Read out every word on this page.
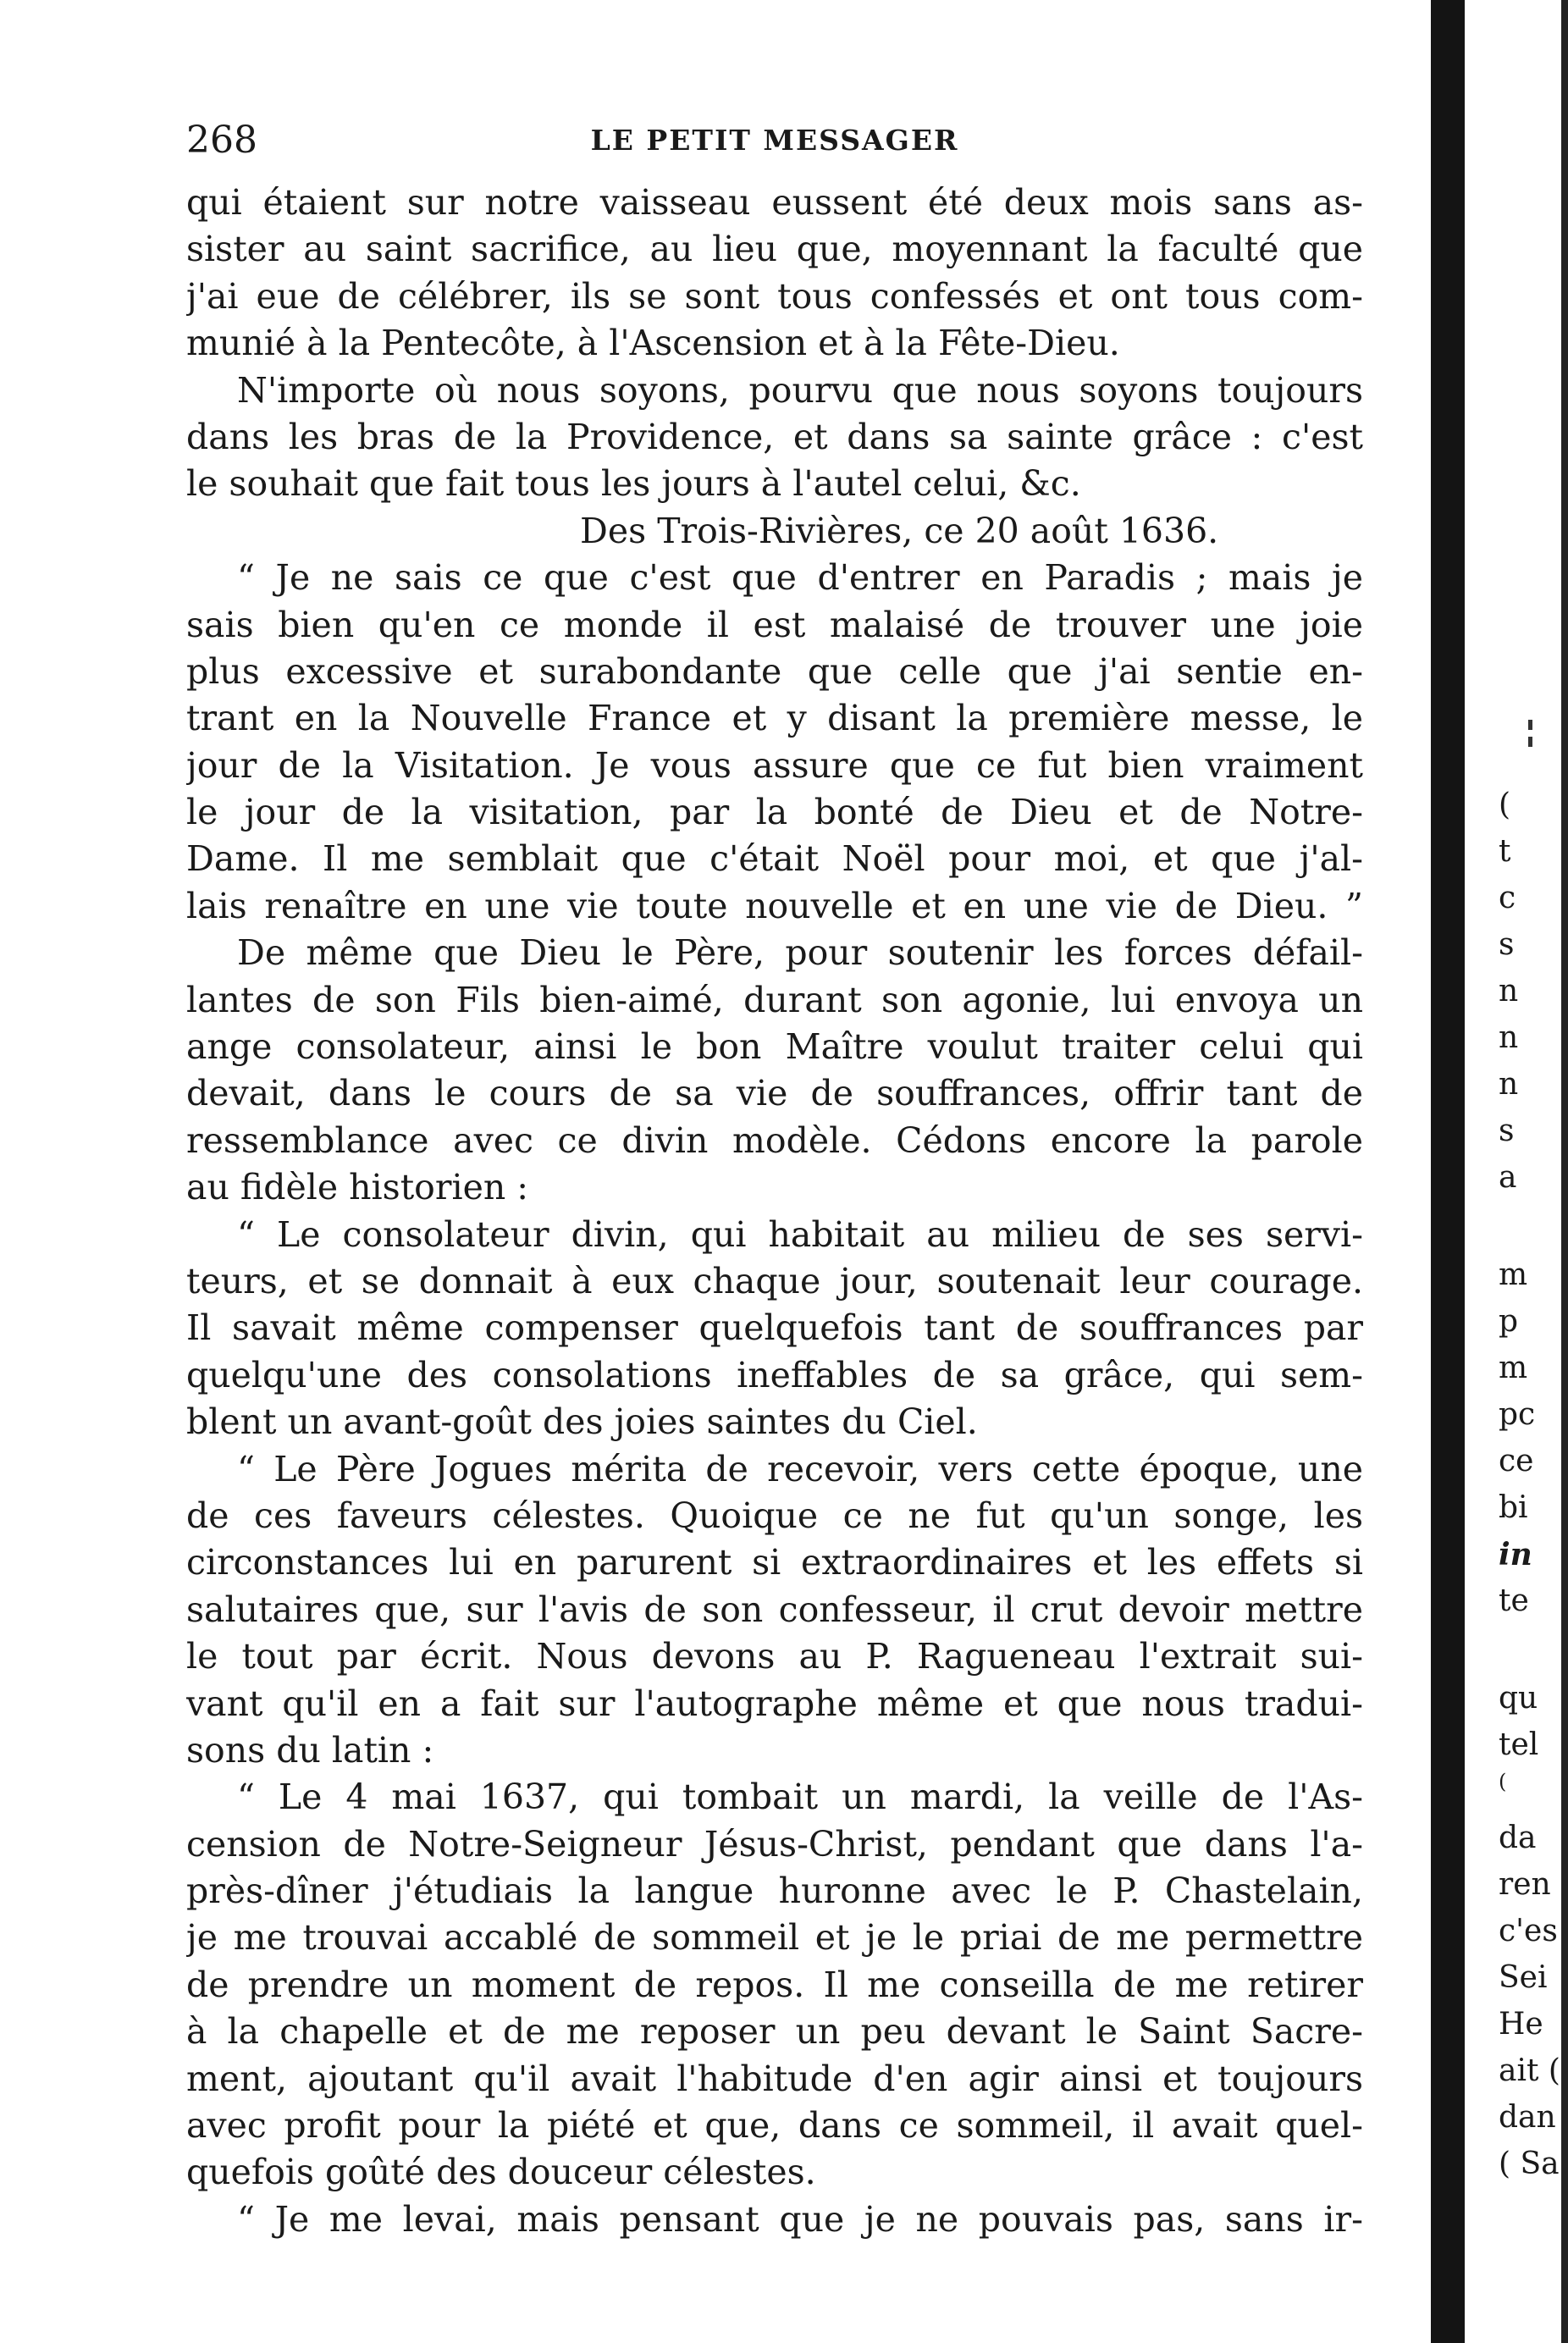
268	LE PETIT MESSAGER
qui étaient sur notre vaisseau eussent été deux mois sans as-
sister au saint sacrifice, au lieu que, moyennant la faculté que
j'ai eue de célébrer, ils se sont tous confessés et ont tous com-
munié à la Pentecôte, à l'Ascension et à la Fête-Dieu.
N'importe où nous soyons, pourvu que nous soyons toujours
dans les bras de la Providence, et dans sa sainte grâce : c'est
le souhait que fait tous les jours à l'autel celui, &c.
Des Trois-Rivières, ce 20 août 1636.
“ Je ne sais ce que c'est que d'entrer en Paradis ; mais je
sais bien qu'en ce monde il est malaisé de trouver une joie
plus excessive et surabondante que celle que j'ai sentie en-
trant en la Nouvelle France et y disant la première messe, le
jour de la Visitation. Je vous assure que ce fut bien vraiment
le jour de la visitation, par la bonté de Dieu et de Notre-
Dame. Il me semblait que c'était Noël pour moi, et que j'al-
lais renaître en une vie toute nouvelle et en une vie de Dieu. ”
De même que Dieu le Père, pour soutenir les forces défail-
lantes de son Fils bien-aimé, durant son agonie, lui envoya un
ange consolateur, ainsi le bon Maître voulut traiter celui qui
devait, dans le cours de sa vie de souffrances, offrir tant de
ressemblance avec ce divin modèle. Cédons encore la parole
au fidèle historien :
“ Le consolateur divin, qui habitait au milieu de ses servi-
teurs, et se donnait à eux chaque jour, soutenait leur courage.
Il savait même compenser quelquefois tant de souffrances par
quelqu'une des consolations ineffables de sa grâce, qui sem-
blent un avant-goût des joies saintes du Ciel.
“ Le Père Jogues mérita de recevoir, vers cette époque, une
de ces faveurs célestes. Quoique ce ne fut qu'un songe, les
circonstances lui en parurent si extraordinaires et les effets si
salutaires que, sur l'avis de son confesseur, il crut devoir mettre
le tout par écrit. Nous devons au P. Ragueneau l'extrait sui-
vant qu'il en a fait sur l'autographe même et que nous tradui-
sons du latin :
“ Le 4 mai 1637, qui tombait un mardi, la veille de l'As-
cension de Notre-Seigneur Jésus-Christ, pendant que dans l'a-
près-dîner j'étudiais la langue huronne avec le P. Chastelain,
je me trouvai accablé de sommeil et je le priai de me permettre
de prendre un moment de repos. Il me conseilla de me retirer
à la chapelle et de me reposer un peu devant le Saint Sacre-
ment, ajoutant qu'il avait l'habitude d'en agir ainsi et toujours
avec profit pour la piété et que, dans ce sommeil, il avait quel-
quefois goûté des douceur célestes.
“ Je me levai, mais pensant que je ne pouvais pas, sans ir-
(
t
c
s
n
n
n
s
a
m
p
m
pc
ce
bi
in
te
qu
tel
(
da
ren
c'es
Sei
He
ait (
dan
( Sa
